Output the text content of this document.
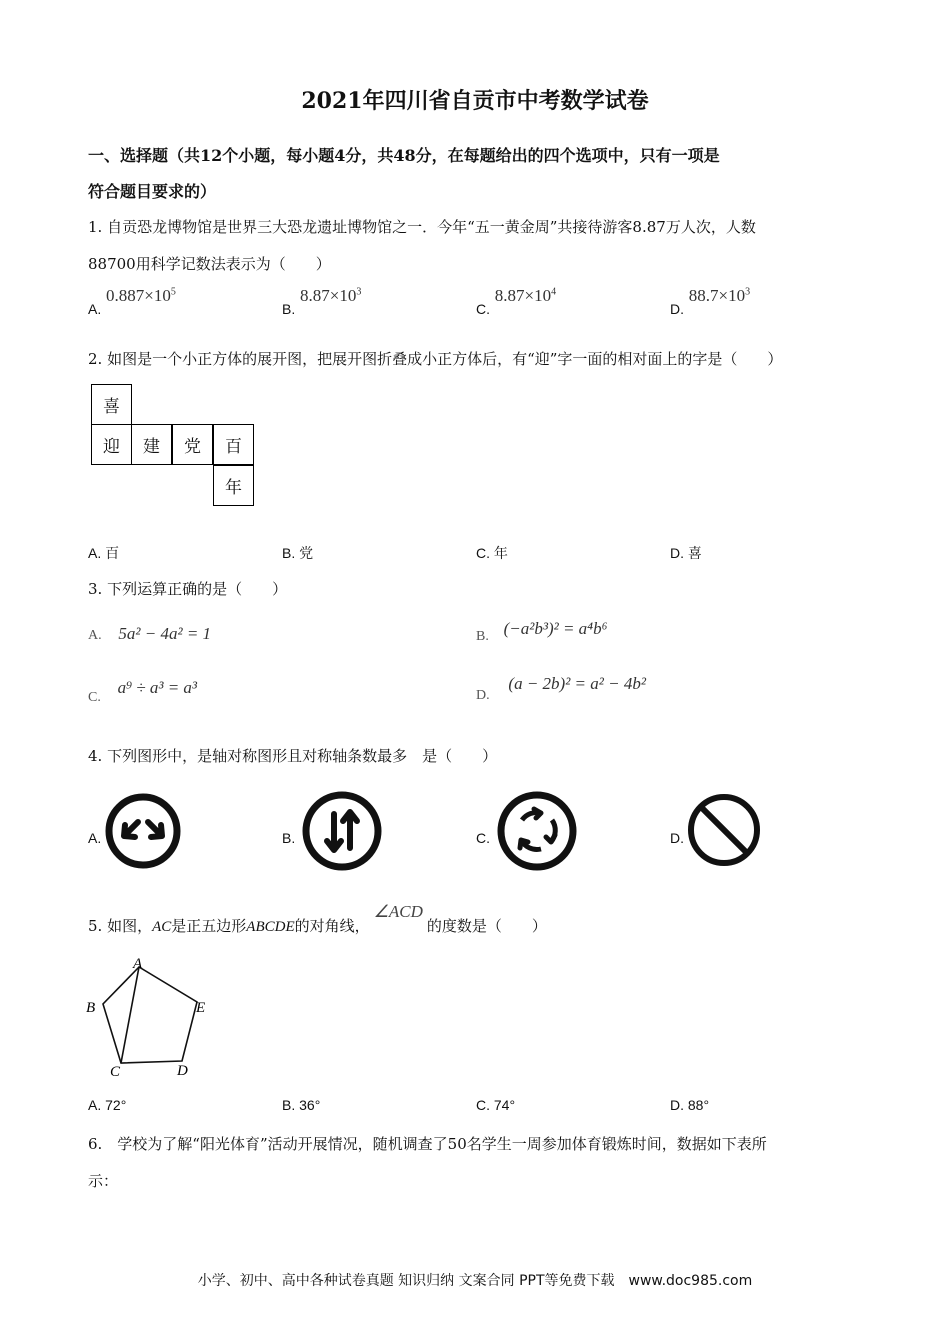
2021年四川省自贡市中考数学试卷
一、选择题（共12个小题，每小题4分，共48分，在每题给出的四个选项中，只有一项是
符合题目要求的）
1. 自贡恐龙博物馆是世界三大恐龙遗址博物馆之一．今年“五一黄金周”共接待游客8.87万人次，人数
88700用科学记数法表示为（　　）
A. $0.887\times 10^5$
B. $8.87\times 10^3$
C. $8.87\times 10^4$
D. $88.7\times 10^3$
2. 如图是一个小正方体的展开图，把展开图折叠成小正方体后，有“迎”字一面的相对面上的字是（　　）
喜
迎	建	党	百
年
A. 百	B. 党	C. 年	D. 喜
3. 下列运算正确的是（　　）
A. 5a² − 4a² = 1	B. (−a²b³)² = a⁴b⁶
C. a⁹ ÷ a³ = a³	D. (a − 2b)² = a² − 4b²
4. 下列图形中，是轴对称图形且对称轴条数最多　是（　　）
A.	B.	C.	D.
5. 如图，AC是正五边形ABCDE的对角线，∠ACD的度数是（　　）
A
B	E
C	D
A. 72°	B. 36°	C. 74°	D. 88°
6.　学校为了解“阳光体育”活动开展情况，随机调查了50名学生一周参加体育锻炼时间，数据如下表所
示：
小学、初中、高中各种试卷真题 知识归纳 文案合同 PPT等免费下载　www.doc985.com
